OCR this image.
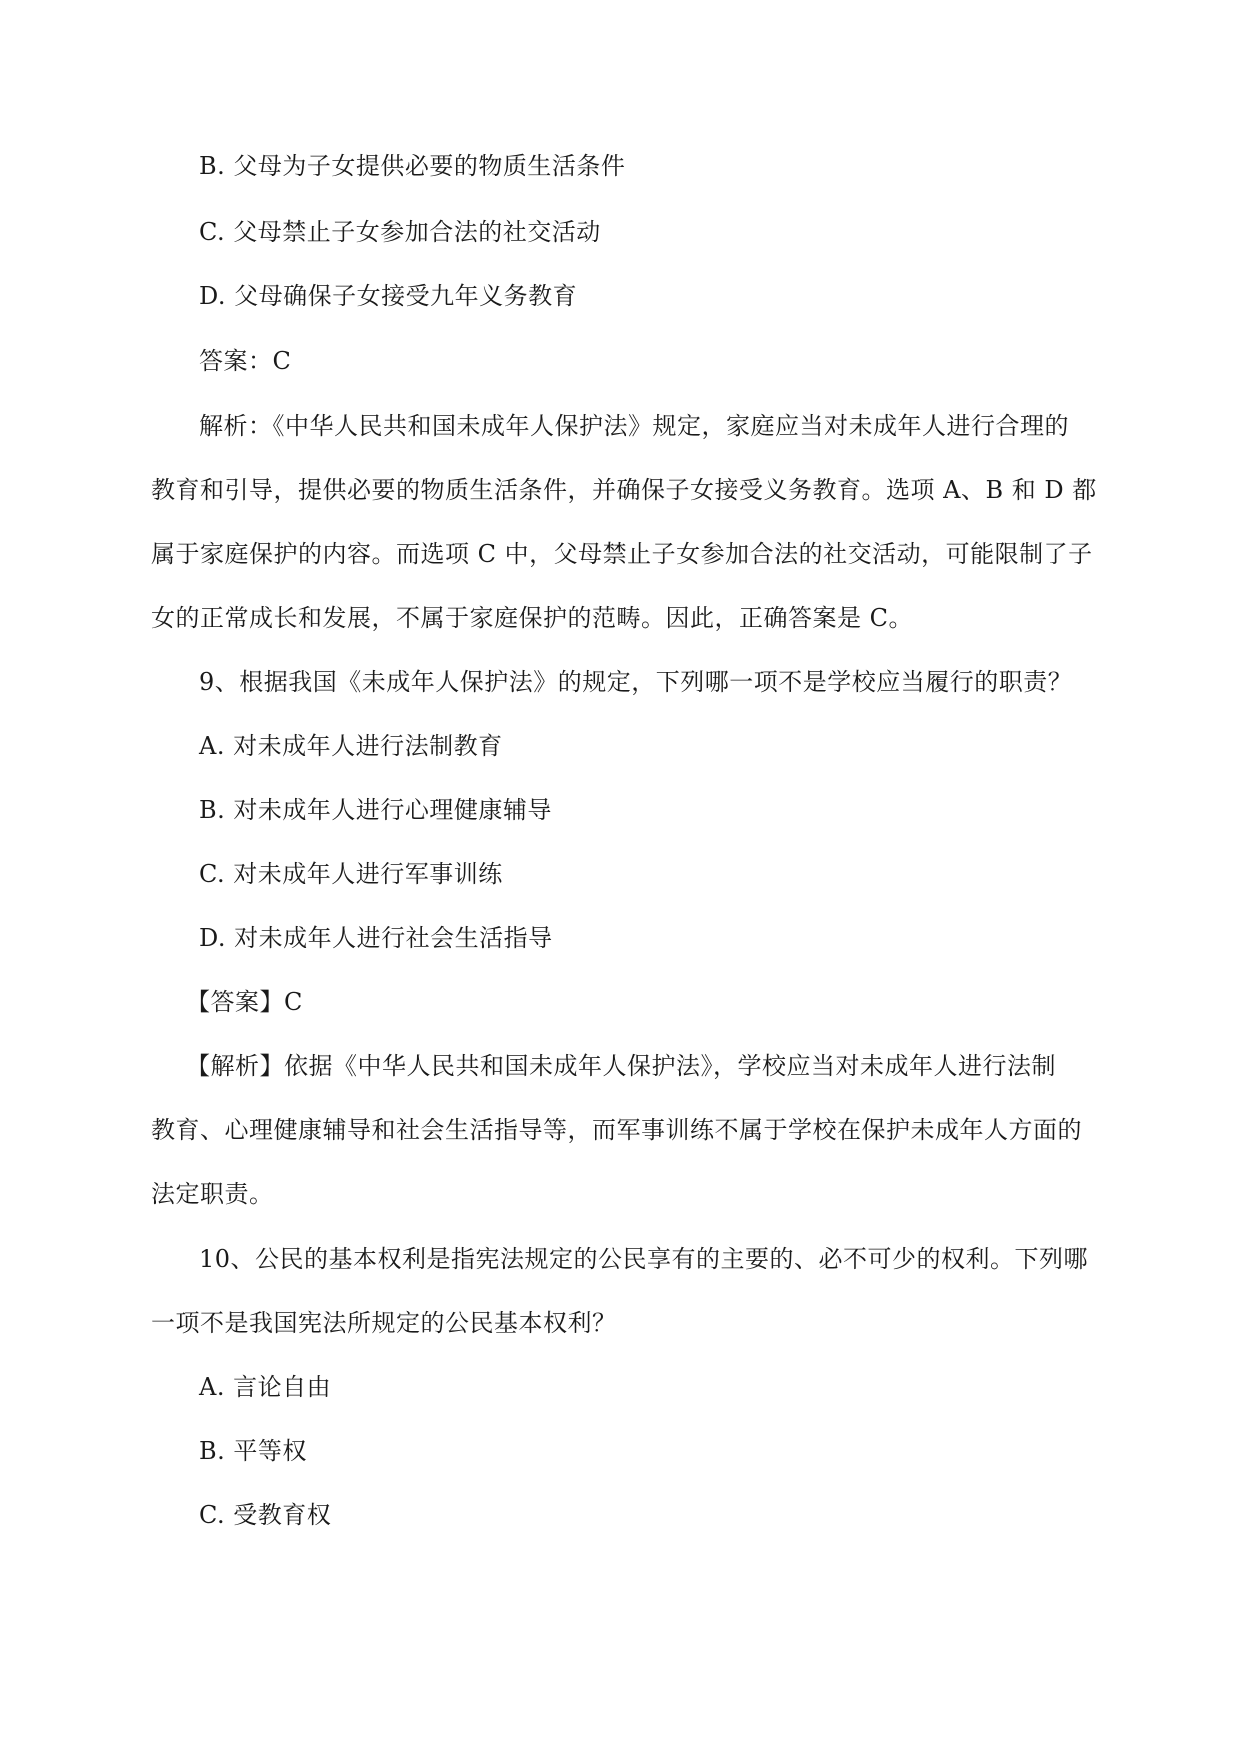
B. 父母为子女提供必要的物质生活条件
C. 父母禁止子女参加合法的社交活动
D. 父母确保子女接受九年义务教育
答案：C
解析：《中华人民共和国未成年人保护法》规定，家庭应当对未成年人进行合理的
教育和引导，提供必要的物质生活条件，并确保子女接受义务教育。选项 A、B 和 D 都
属于家庭保护的内容。而选项 C 中，父母禁止子女参加合法的社交活动，可能限制了子
女的正常成长和发展，不属于家庭保护的范畴。因此，正确答案是 C。
9、根据我国《未成年人保护法》的规定，下列哪一项不是学校应当履行的职责？
A. 对未成年人进行法制教育
B. 对未成年人进行心理健康辅导
C. 对未成年人进行军事训练
D. 对未成年人进行社会生活指导
【答案】C
【解析】依据《中华人民共和国未成年人保护法》，学校应当对未成年人进行法制
教育、心理健康辅导和社会生活指导等，而军事训练不属于学校在保护未成年人方面的
法定职责。
10、公民的基本权利是指宪法规定的公民享有的主要的、必不可少的权利。下列哪
一项不是我国宪法所规定的公民基本权利？
A. 言论自由
B. 平等权
C. 受教育权
